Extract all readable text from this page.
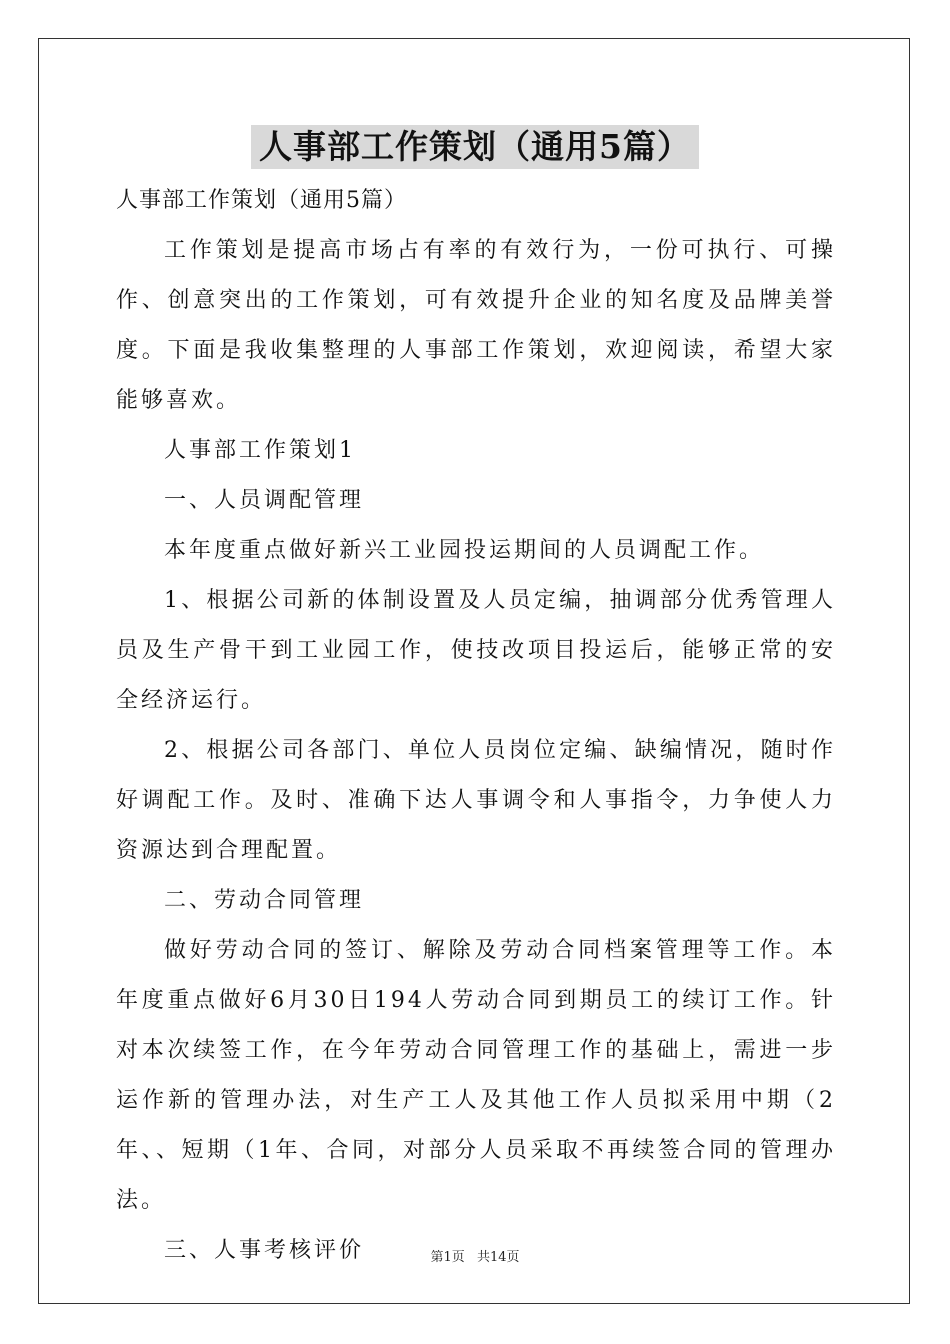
人事部工作策划（通用5篇）
人事部工作策划（通用5篇）

工作策划是提高市场占有率的有效行为，一份可执行、可操作、创意突出的工作策划，可有效提升企业的知名度及品牌美誉度。下面是我收集整理的人事部工作策划，欢迎阅读，希望大家能够喜欢。

人事部工作策划1

一、人员调配管理

本年度重点做好新兴工业园投运期间的人员调配工作。

1、根据公司新的体制设置及人员定编，抽调部分优秀管理人员及生产骨干到工业园工作，使技改项目投运后，能够正常的安全经济运行。

2、根据公司各部门、单位人员岗位定编、缺编情况，随时作好调配工作。及时、准确下达人事调令和人事指令，力争使人力资源达到合理配置。

二、劳动合同管理

做好劳动合同的签订、解除及劳动合同档案管理等工作。本年度重点做好6月30日194人劳动合同到期员工的续订工作。针对本次续签工作，在今年劳动合同管理工作的基础上，需进一步运作新的管理办法，对生产工人及其他工作人员拟采用中期（2年、、短期（1年、合同，对部分人员采取不再续签合同的管理办法。

三、人事考核评价	第1页 共14页
